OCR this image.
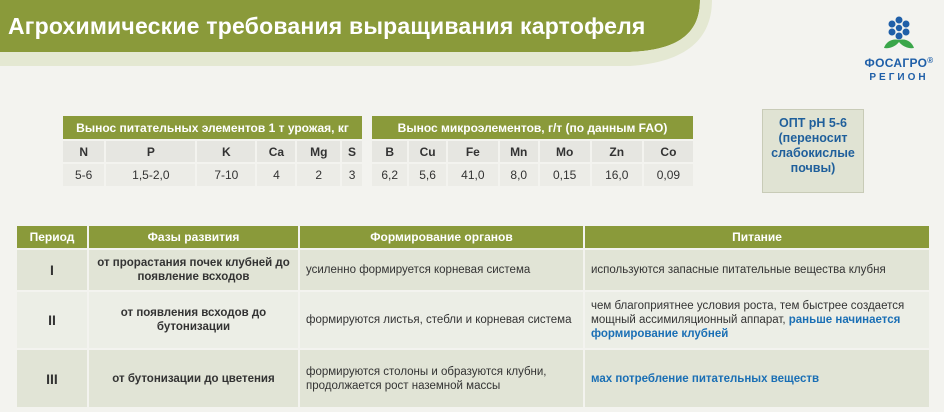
Агрохимические требования выращивания картофеля
ФОСАГРО®
РЕГИОН
Вынос питательных элементов 1 т урожая, кг					
N	P	K	Ca	Mg	S
5-6	1,5-2,0	7-10	4	2	3
Вынос микроэлементов, г/т (по данным FAO)						
B	Cu	Fe	Mn	Mo	Zn	Co
6,2	5,6	41,0	8,0	0,15	16,0	0,09
ОПТ рН 5-6
(переносит
слабокислые
почвы)
Период	Фазы развития	Формирование органов	Питание
I	от прорастания почек клубней до появление всходов	усиленно формируется корневая система	используются запасные питательные вещества клубня
II	от появления всходов до бутонизации	формируются листья, стебли и корневая система	чем благоприятнее условия роста, тем быстрее создается мощный ассимиляционный аппарат, раньше начинается формирование клубней
III	от бутонизации до цветения	формируются столоны и образуются клубни, продолжается рост наземной массы	мах потребление питательных веществ
